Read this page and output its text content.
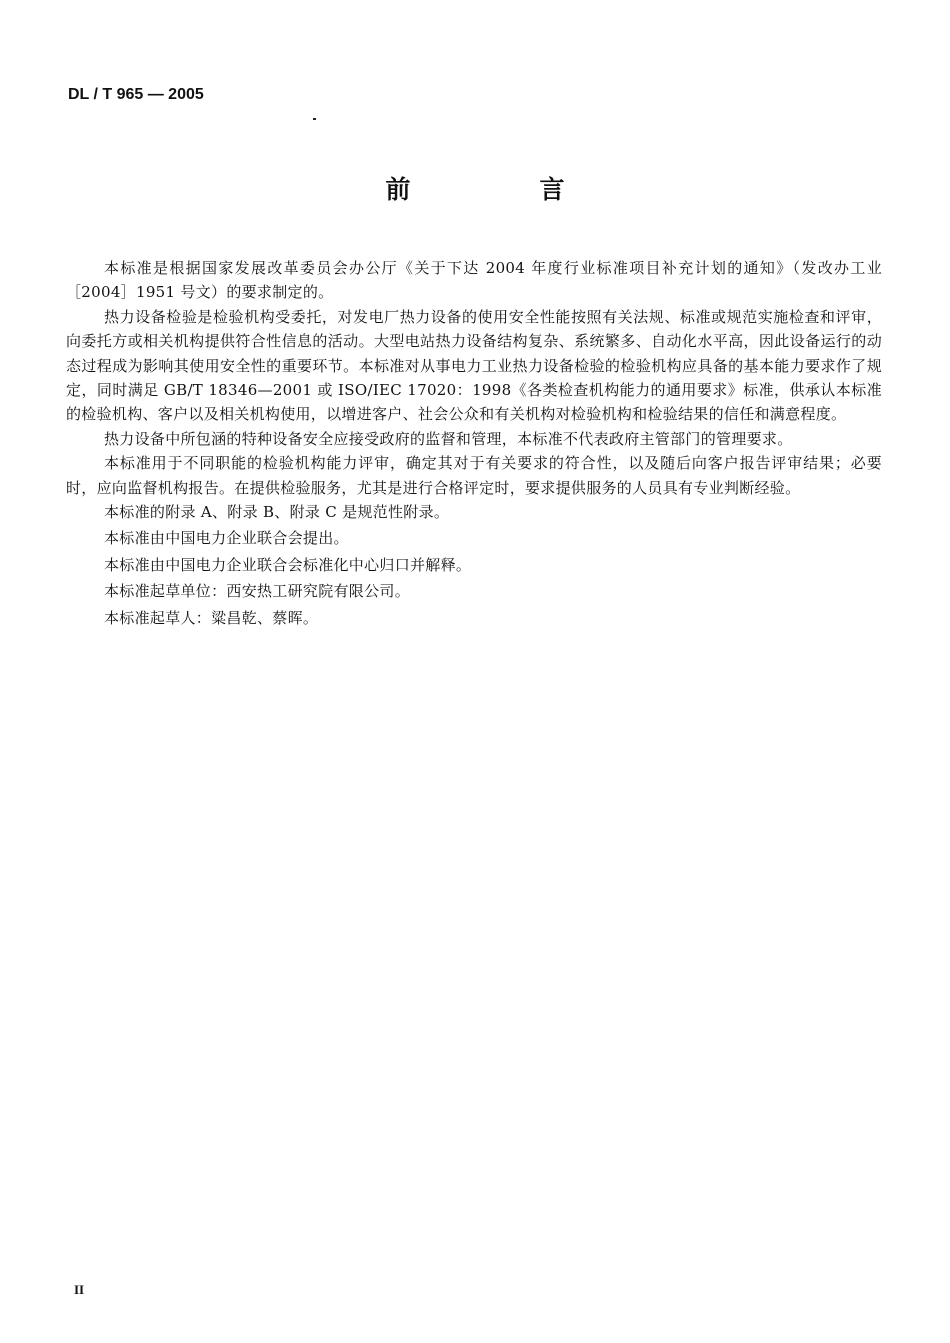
DL / T 965 — 2005
前　言

本标准是根据国家发展改革委员会办公厅《关于下达 2004 年度行业标准项目补充计划的通知》（发改办工业［2004］1951 号文）的要求制定的。

热力设备检验是检验机构受委托，对发电厂热力设备的使用安全性能按照有关法规、标准或规范实施检查和评审，向委托方或相关机构提供符合性信息的活动。大型电站热力设备结构复杂、系统繁多、自动化水平高，因此设备运行的动态过程成为影响其使用安全性的重要环节。本标准对从事电力工业热力设备检验的检验机构应具备的基本能力要求作了规定，同时满足 GB/T 18346—2001 或 ISO/IEC 17020：1998《各类检查机构能力的通用要求》标准，供承认本标准的检验机构、客户以及相关机构使用，以增进客户、社会公众和有关机构对检验机构和检验结果的信任和满意程度。

热力设备中所包涵的特种设备安全应接受政府的监督和管理，本标准不代表政府主管部门的管理要求。

本标准用于不同职能的检验机构能力评审，确定其对于有关要求的符合性，以及随后向客户报告评审结果；必要时，应向监督机构报告。在提供检验服务，尤其是进行合格评定时，要求提供服务的人员具有专业判断经验。

本标准的附录 A、附录 B、附录 C 是规范性附录。

本标准由中国电力企业联合会提出。

本标准由中国电力企业联合会标准化中心归口并解释。

本标准起草单位：西安热工研究院有限公司。

本标准起草人：粱昌乾、蔡晖。

II
